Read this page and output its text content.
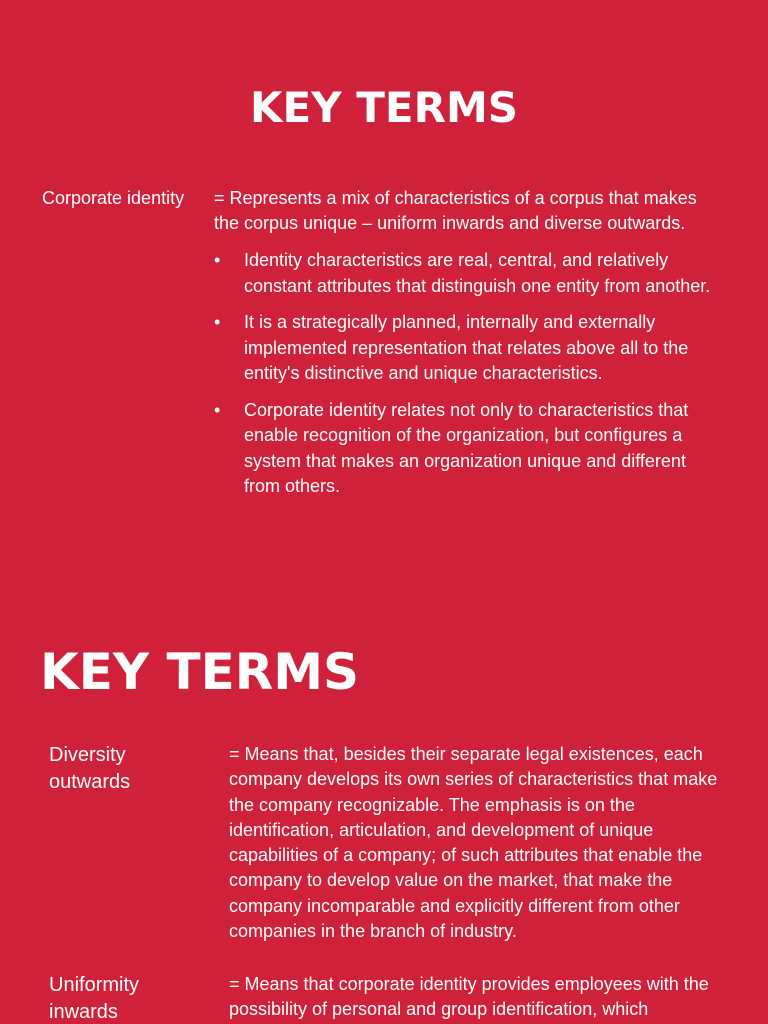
KEY TERMS

Corporate identity = Represents a mix of characteristics of a corpus that makes the corpus unique – uniform inwards and diverse outwards.

• Identity characteristics are real, central, and relatively constant attributes that distinguish one entity from another.
• It is a strategically planned, internally and externally implemented representation that relates above all to the entity's distinctive and unique characteristics.
• Corporate identity relates not only to characteristics that enable recognition of the organization, but configures a system that makes an organization unique and different from others.
KEY TERMS

Diversity outwards

= Means that, besides their separate legal existences, each company develops its own series of characteristics that make the company recognizable. The emphasis is on the identification, articulation, and development of unique capabilities of a company; of such attributes that enable the company to develop value on the market, that make the company incomparable and explicitly different from other companies in the branch of industry.

Uniformity inwards

= Means that corporate identity provides employees with the possibility of personal and group identification, which
